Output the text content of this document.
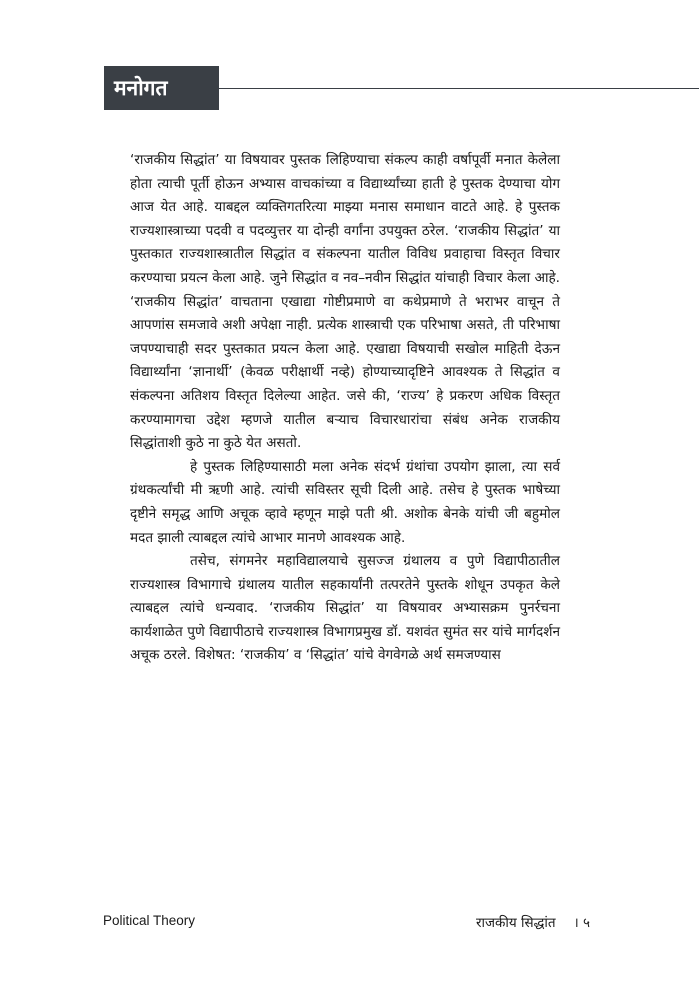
मनोगत

‘राजकीय सिद्धांत’ या विषयावर पुस्तक लिहिण्याचा संकल्प काही वर्षापूर्वी मनात केलेला होता त्याची पूर्ती होऊन अभ्यास वाचकांच्या व विद्यार्थ्यांच्या हाती हे पुस्तक देण्याचा योग आज येत आहे. याबद्दल व्यक्तिगतरित्या माझ्या मनास समाधान वाटते आहे. हे पुस्तक राज्यशास्त्राच्या पदवी व पदव्युत्तर या दोन्ही वर्गांना उपयुक्त ठरेल. ‘राजकीय सिद्धांत’ या पुस्तकात राज्यशास्त्रातील सिद्धांत व संकल्पना यातील विविध प्रवाहाचा विस्तृत विचार करण्याचा प्रयत्न केला आहे. जुने सिद्धांत व नव–नवीन सिद्धांत यांचाही विचार केला आहे. ‘राजकीय सिद्धांत’ वाचताना एखाद्या गोष्टीप्रमाणे वा कथेप्रमाणे ते भराभर वाचून ते आपणांस समजावे अशी अपेक्षा नाही. प्रत्येक शास्त्राची एक परिभाषा असते, ती परिभाषा जपण्याचाही सदर पुस्तकात प्रयत्न केला आहे. एखाद्या विषयाची सखोल माहिती देऊन विद्यार्थ्यांना ‘ज्ञानार्थी’ (केवळ परीक्षार्थी नव्हे) होण्याच्यादृष्टिने आवश्यक ते सिद्धांत व संकल्पना अतिशय विस्तृत दिलेल्या आहेत. जसे की, ‘राज्य’ हे प्रकरण अधिक विस्तृत करण्यामागचा उद्देश म्हणजे यातील बऱ्याच विचारधारांचा संबंध अनेक राजकीय सिद्धांताशी कुठे ना कुठे येत असतो.

हे पुस्तक लिहिण्यासाठी मला अनेक संदर्भ ग्रंथांचा उपयोग झाला, त्या सर्व ग्रंथकर्त्यांची मी ऋणी आहे. त्यांची सविस्तर सूची दिली आहे. तसेच हे पुस्तक भाषेच्या दृष्टीने समृद्ध आणि अचूक व्हावे म्हणून माझे पती श्री. अशोक बेनके यांची जी बहुमोल मदत झाली त्याबद्दल त्यांचे आभार मानणे आवश्यक आहे.

तसेच, संगमनेर महाविद्यालयाचे सुसज्ज ग्रंथालय व पुणे विद्यापीठातील राज्यशास्त्र विभागाचे ग्रंथालय यातील सहकार्यांनी तत्परतेने पुस्तके शोधून उपकृत केले त्याबद्दल त्यांचे धन्यवाद. ‘राजकीय सिद्धांत’ या विषयावर अभ्यासक्रम पुनर्रचना कार्यशाळेत पुणे विद्यापीठाचे राज्यशास्त्र विभागप्रमुख डॉ. यशवंत सुमंत सर यांचे मार्गदर्शन अचूक ठरले. विशेषत: ‘राजकीय’ व ‘सिद्धांत’ यांचे वेगवेगळे अर्थ समजण्यास

Political Theory	राजकीय सिद्धांत । ५
